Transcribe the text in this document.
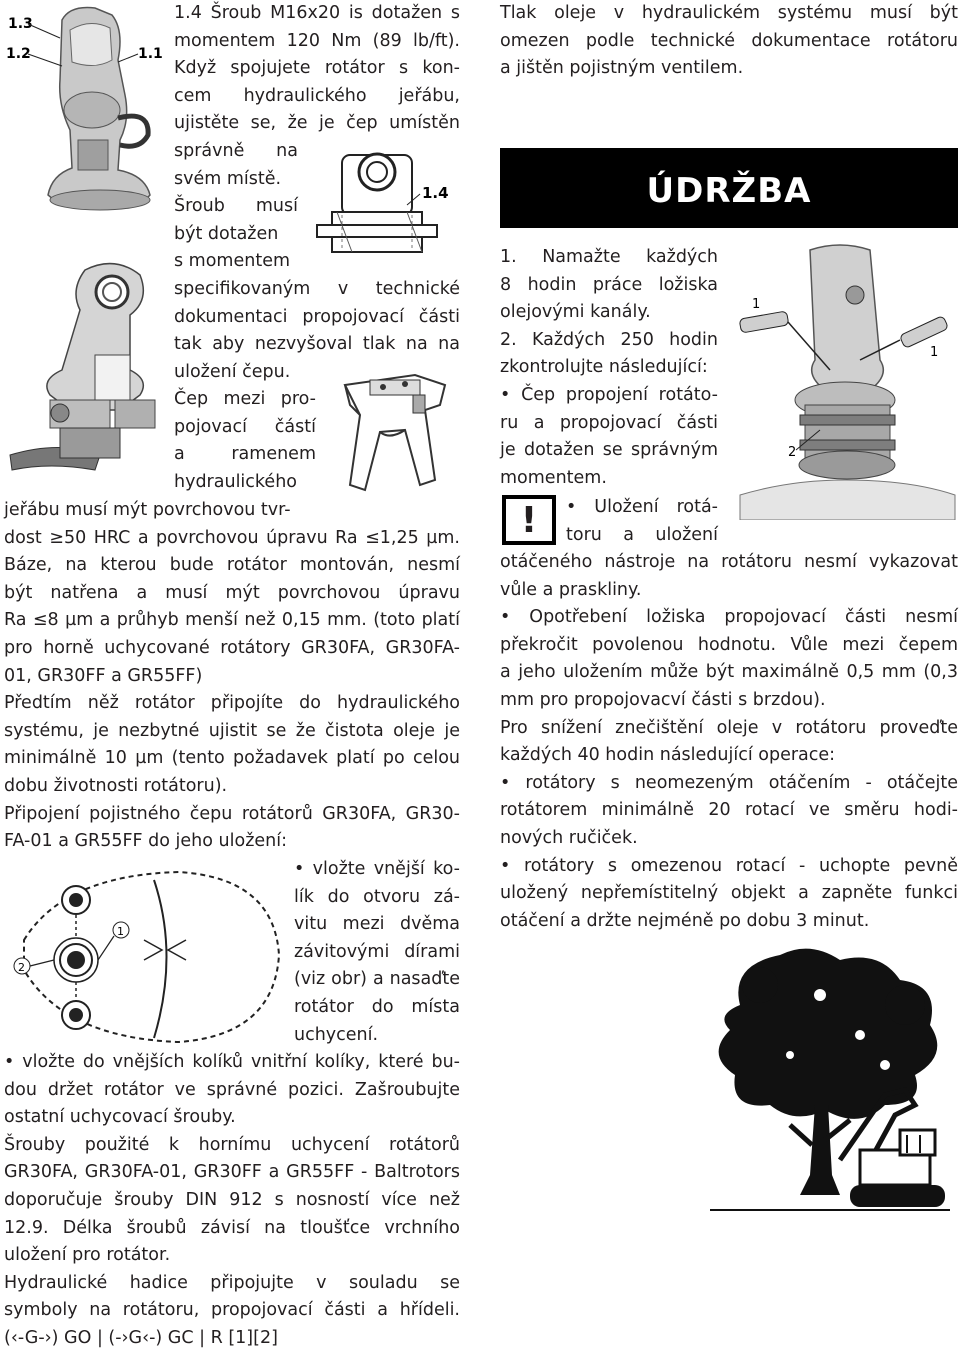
1.3
1.2	1.1
1.4
1.4 Šroub M16x20 is dotažen s
momentem 120 Nm (89 lb/ft).
Když spojujete rotátor s kon-
cem hydraulického jeřábu,
ujistěte se, že je čep umístěn
správně na
svém místě.
Šroub musí
být dotažen
s momentem
specifikovaným v technické
dokumentaci propojovací části
tak aby nezvyšoval tlak na na
uložení čepu.
Čep mezi pro-
pojovací částí
a ramenem
hydraulického
jeřábu musí mýt povrchovou tvr-
dost ≥50 HRC a povrchovou úpravu Ra ≤1,25 µm.
Báze, na kterou bude rotátor montován, nesmí
být natřena a musí mýt povrchovou úpravu
Ra ≤8 µm a průhyb menší než 0,15 mm. (toto platí
pro horně uchycované rotátory GR30FA, GR30FA-
01, GR30FF a GR55FF)
Předtím něž rotátor připojíte do hydraulického
systému, je nezbytné ujistit se že čistota oleje je
minimálně 10 µm (tento požadavek platí po celou
dobu životnosti rotátoru).
Připojení pojistného čepu rotátorů GR30FA, GR30-
FA-01 a GR55FF do jeho uložení:
1
2
• vložte vnější ko-
lík do otvoru zá-
vitu mezi dvěma
závitovými dírami
(viz obr) a nasaďte
rotátor do místa
uchycení.
• vložte do vnějších kolíků vnitřní kolíky, které bu-
dou držet rotátor ve správné pozici. Zašroubujte
ostatní uchycovací šrouby.
Šrouby použité k hornímu uchycení rotátorů
GR30FA, GR30FA-01, GR30FF a GR55FF - Baltrotors
doporučuje šrouby DIN 912 s nosností více než
12.9. Délka šroubů závisí na tloušťce vrchního
uložení pro rotátor.
Hydraulické hadice připojujte v souladu se
symboly na rotátoru, propojovací části a hřídeli.
(‹-G-›) GO | (-›G‹-) GC | R [1][2]
Tlak oleje v hydraulickém systému musí být
omezen podle technické dokumentace rotátoru
a jištěn pojistným ventilem.
ÚDRŽBA
1. Namažte každých
8 hodin práce ložiska
olejovými kanály.
2. Každých 250 hodin
zkontrolujte následující:
• Čep propojení rotáto-
ru a propojovací části
je dotažen se správným
momentem.
1
1
2
!	• Uložení rotá-
toru a uložení
otáčeného nástroje na rotátoru nesmí vykazovat
vůle a praskliny.
• Opotřebení ložiska propojovací části nesmí
překročit povolenou hodnotu. Vůle mezi čepem
a jeho uložením může být maximálně 0,5 mm (0,3
mm pro propojovacví části s brzdou).
Pro snížení znečištění oleje v rotátoru proveďte
každých 40 hodin následující operace:
• rotátory s neomezeným otáčením - otáčejte
rotátorem minimálně 20 rotací ve směru hodi-
nových ručiček.
• rotátory s omezenou rotací - uchopte pevně
uložený nepřemístitelný objekt a zapněte funkci
otáčení a držte nejméně po dobu 3 minut.
